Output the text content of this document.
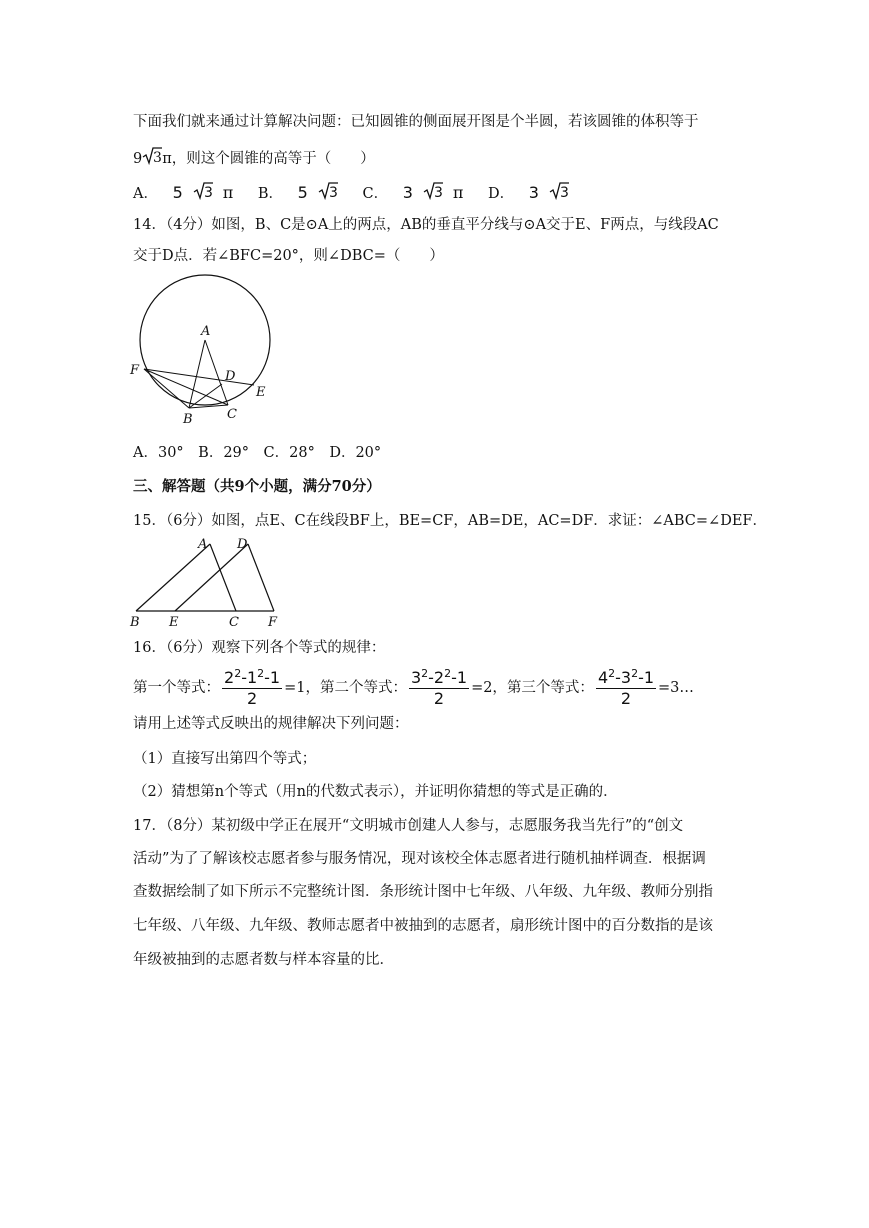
下面我们就来通过计算解决问题：已知圆锥的侧面展开图是个半圆，若该圆锥的体积等于
9 3 π，则这个圆锥的高等于（　　）
A． 5 3 π B． 5 3 C． 3 3 π D． 3 3
14．（4分）如图，B、C是⊙A上的两点，AB的垂直平分线与⊙A交于E、F两点，与线段AC
交于D点．若∠BFC=20°，则∠DBC=（　　）
A
D
F
E
B	C
A．30°　B．29°　C．28°　D．20°
三、解答题（共9个小题，满分70分）
15．（6分）如图，点E、C在线段BF上，BE=CF，AB=DE，AC=DF．求证：∠ABC=∠DEF．
A D
B E	C F
16．（6分）观察下列各个等式的规律：
第一个等式： $\frac{2^2-1^2-1}{2} =1$，第二个等式： $\frac{3^2-2^2-1}{2} =2$，第三个等式： $\frac{4^2-3^2-1}{2}$ =3…
请用上述等式反映出的规律解决下列问题：
（1）直接写出第四个等式；
（2）猜想第n个等式（用n的代数式表示），并证明你猜想的等式是正确的．
17．（8分）某初级中学正在展开“文明城市创建人人参与，志愿服务我当先行”的“创文
活动”为了了解该校志愿者参与服务情况，现对该校全体志愿者进行随机抽样调查．根据调
查数据绘制了如下所示不完整统计图．条形统计图中七年级、八年级、九年级、教师分别指
七年级、八年级、九年级、教师志愿者中被抽到的志愿者，扇形统计图中的百分数指的是该
年级被抽到的志愿者数与样本容量的比．
